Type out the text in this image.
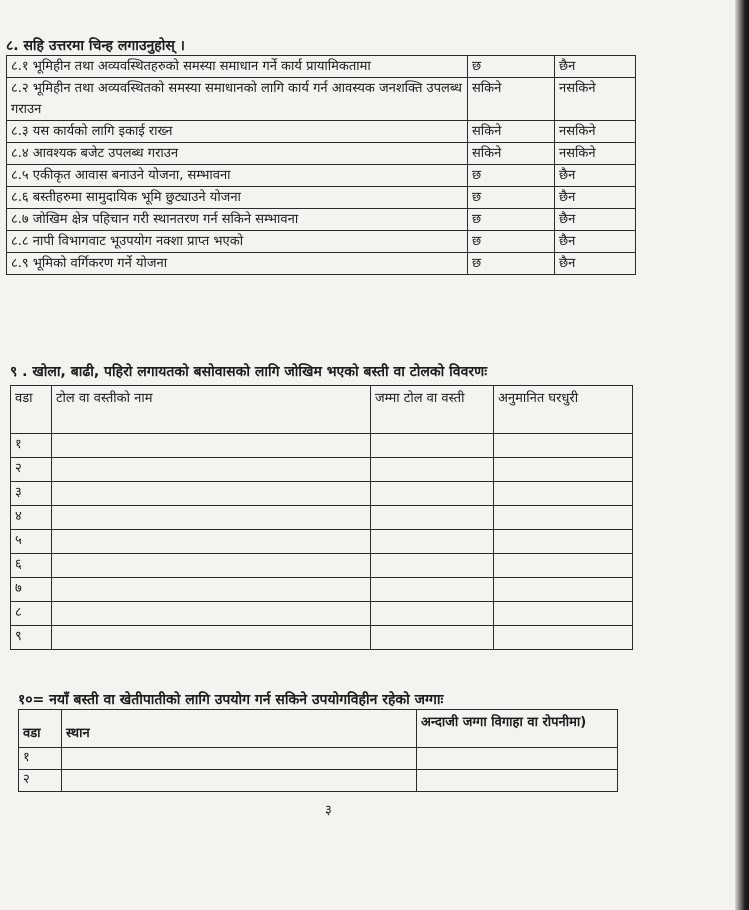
८. सहि उत्तरमा चिन्ह लगाउनुहोस् ।
८.१ भूमिहीन तथा अव्यवस्थितहरुको समस्या समाधान गर्ने कार्य प्रायामिकतामा	छ	छैन
८.२ भूमिहीन तथा अव्यवस्थितको समस्या समाधानको लागि कार्य गर्न आवस्यक जनशक्ति उपलब्ध गराउन	सकिने	नसकिने
८.३ यस कार्यको लागि इकाई राख्न	सकिने	नसकिने
८.४ आवश्यक बजेट उपलब्ध गराउन	सकिने	नसकिने
८.५ एकीकृत आवास बनाउने योजना, सम्भावना	छ	छैन
८.६ बस्तीहरुमा सामुदायिक भूमि छुट्याउने योजना	छ	छैन
८.७ जोखिम क्षेत्र पहिचान गरी स्थानतरण गर्न सकिने सम्भावना	छ	छैन
८.८ नापी विभागवाट भूउपयोग नक्शा प्राप्त भएको	छ	छैन
८.९ भूमिको वर्गिकरण गर्ने योजना	छ	छैन
९ . खोला, बाढी, पहिरो लगायतको बसोवासको लागि जोखिम भएको बस्ती वा टोलको विवरणः
वडा	टोल वा वस्तीको नाम	जम्मा टोल वा वस्ती	अनुमानित घरधुरी
१			
२			
३			
४			
५			
६			
७			
८			
९			
१०= नयाँ बस्ती वा खेतीपातीको लागि उपयोग गर्न सकिने उपयोगविहीन रहेको जग्गाः
वडा	स्थान	अन्दाजी जग्गा विगाहा वा रोपनीमा)
१		
२		
३
